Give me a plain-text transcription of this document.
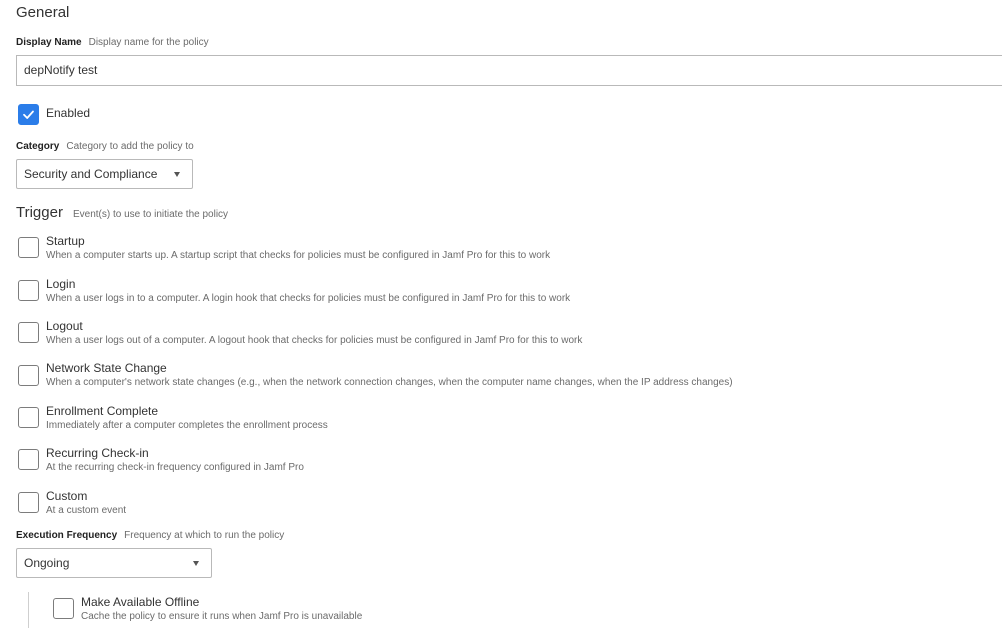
General
Display Name Display name for the policy
depNotify test
Enabled
Category Category to add the policy to
Security and Compliance
Trigger Event(s) to use to initiate the policy
Startup
When a computer starts up. A startup script that checks for policies must be configured in Jamf Pro for this to work
Login
When a user logs in to a computer. A login hook that checks for policies must be configured in Jamf Pro for this to work
Logout
When a user logs out of a computer. A logout hook that checks for policies must be configured in Jamf Pro for this to work
Network State Change
When a computer's network state changes (e.g., when the network connection changes, when the computer name changes, when the IP address changes)
Enrollment Complete
Immediately after a computer completes the enrollment process
Recurring Check-in
At the recurring check-in frequency configured in Jamf Pro
Custom
At a custom event
Execution Frequency Frequency at which to run the policy
Ongoing
Make Available Offline
Cache the policy to ensure it runs when Jamf Pro is unavailable
